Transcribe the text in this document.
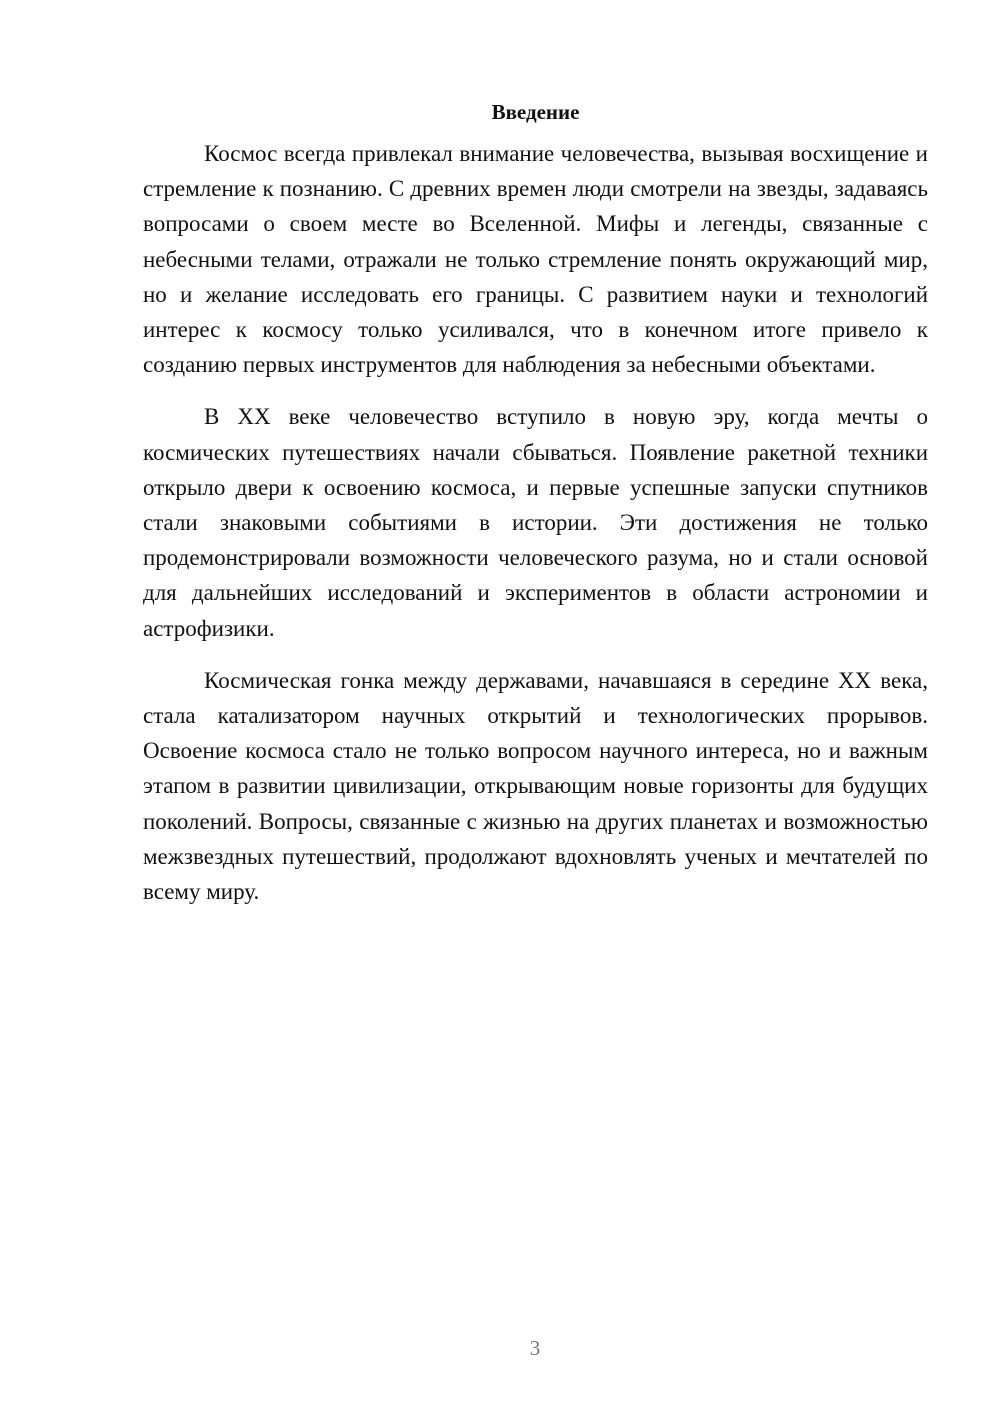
Введение

Космос всегда привлекал внимание человечества, вызывая восхищение и стремление к познанию. С древних времен люди смотрели на звезды, задаваясь вопросами о своем месте во Вселенной. Мифы и легенды, связанные с небесными телами, отражали не только стремление понять окружающий мир, но и желание исследовать его границы. С развитием науки и технологий интерес к космосу только усиливался, что в конечном итоге привело к созданию первых инструментов для наблюдения за небесными объектами.

В XX веке человечество вступило в новую эру, когда мечты о космических путешествиях начали сбываться. Появление ракетной техники открыло двери к освоению космоса, и первые успешные запуски спутников стали знаковыми событиями в истории. Эти достижения не только продемонстрировали возможности человеческого разума, но и стали основой для дальнейших исследований и экспериментов в области астрономии и астрофизики.

Космическая гонка между державами, начавшаяся в середине XX века, стала катализатором научных открытий и технологических прорывов. Освоение космоса стало не только вопросом научного интереса, но и важным этапом в развитии цивилизации, открывающим новые горизонты для будущих поколений. Вопросы, связанные с жизнью на других планетах и возможностью межзвездных путешествий, продолжают вдохновлять ученых и мечтателей по всему миру.

3
